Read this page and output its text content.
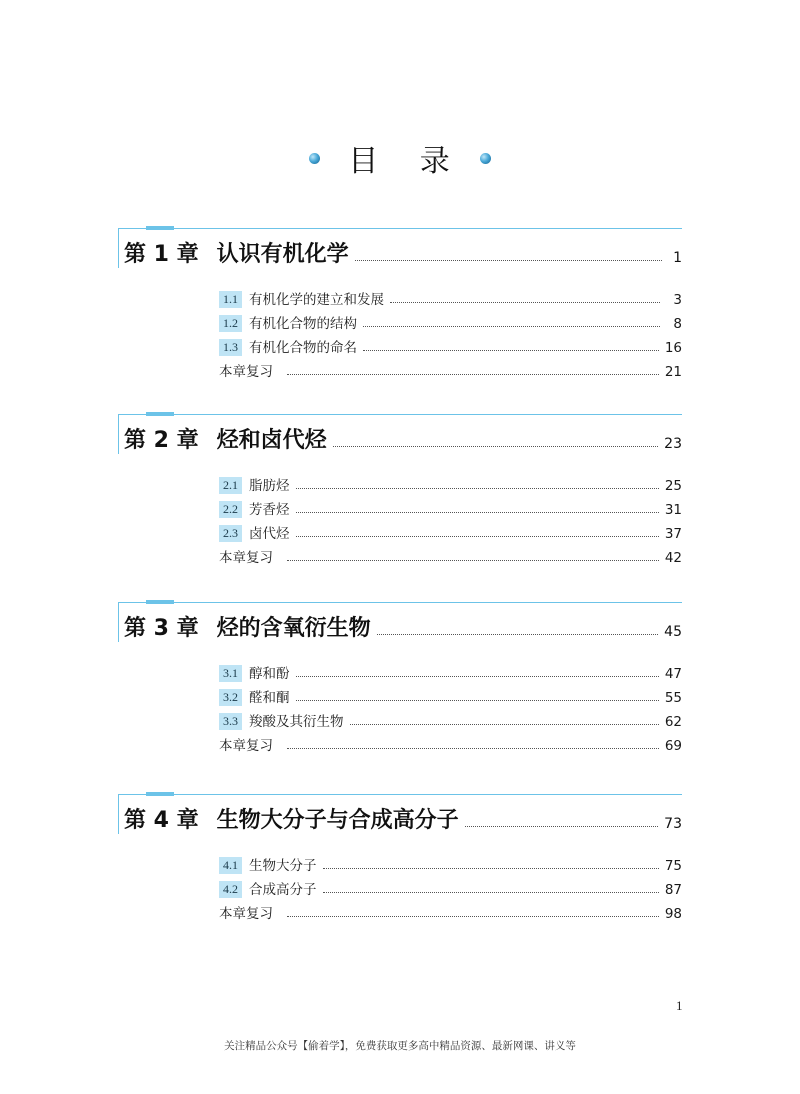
目 录
第 1 章 认识有机化学	1
1.1 有机化学的建立和发展	3
1.2 有机化合物的结构	8
1.3 有机化合物的命名	16
本章复习	21
第 2 章 烃和卤代烃	23
2.1 脂肪烃	25
2.2 芳香烃	31
2.3 卤代烃	37
本章复习	42
第 3 章 烃的含氧衍生物	45
3.1 醇和酚	47
3.2 醛和酮	55
3.3 羧酸及其衍生物	62
本章复习	69
第 4 章 生物大分子与合成高分子	73
4.1 生物大分子	75
4.2 合成高分子	87
本章复习	98
1
关注精品公众号【偷着学】，免费获取更多高中精品资源、最新网课、讲义等
